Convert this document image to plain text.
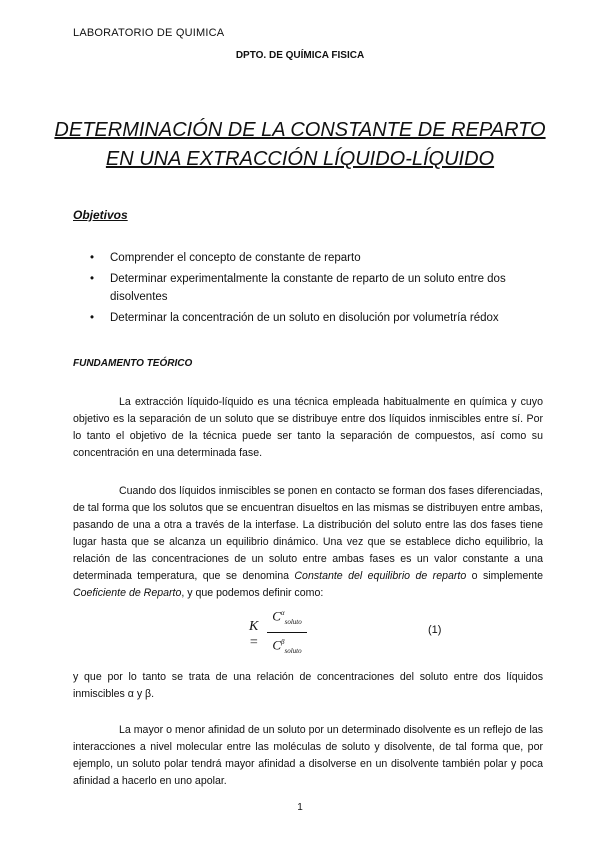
LABORATORIO DE QUIMICA
DPTO. DE QUÍMICA FISICA
DETERMINACIÓN DE LA CONSTANTE DE REPARTO
EN UNA EXTRACCIÓN LÍQUIDO-LÍQUIDO
Objetivos
• Comprender el concepto de constante de reparto
• Determinar experimentalmente la constante de reparto de un soluto entre dos disolventes
• Determinar la concentración de un soluto en disolución por volumetría rédox
FUNDAMENTO TEÓRICO
La extracción líquido-líquido es una técnica empleada habitualmente en química y cuyo objetivo es la separación de un soluto que se distribuye entre dos líquidos inmiscibles entre sí. Por lo tanto el objetivo de la técnica puede ser tanto la separación de compuestos, así como su concentración en una determinada fase.
Cuando dos líquidos inmiscibles se ponen en contacto se forman dos fases diferenciadas, de tal forma que los solutos que se encuentran disueltos en las mismas se distribuyen entre ambas, pasando de una a otra a través de la interfase. La distribución del soluto entre las dos fases tiene lugar hasta que se alcanza un equilibrio dinámico. Una vez que se establece dicho equilibrio, la relación de las concentraciones de un soluto entre ambas fases es un valor constante a una determinada temperatura, que se denomina Constante del equilibrio de reparto o simplemente Coeficiente de Reparto, y que podemos definir como:
K =
$C^\alpha_{soluto}$
$C^\beta_{soluto}$
(1)
y que por lo tanto se trata de una relación de concentraciones del soluto entre dos líquidos inmiscibles α y β.
La mayor o menor afinidad de un soluto por un determinado disolvente es un reflejo de las interacciones a nivel molecular entre las moléculas de soluto y disolvente, de tal forma que, por ejemplo, un soluto polar tendrá mayor afinidad a disolverse en un disolvente también polar y poca afinidad a hacerlo en uno apolar.
1
